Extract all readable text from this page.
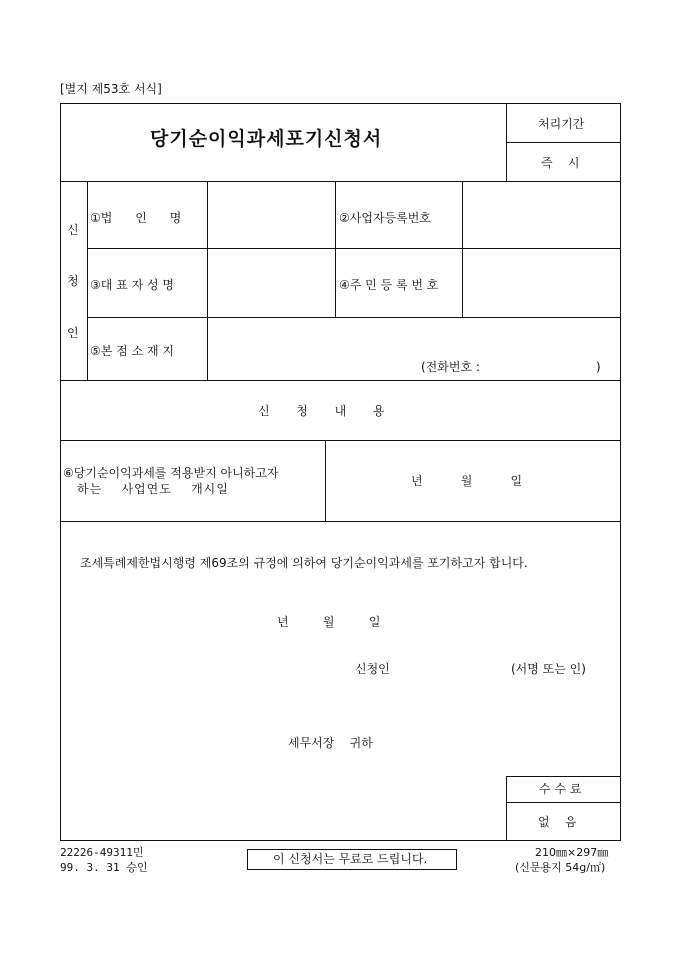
[별지 제53호 서식]
당기순이익과세포기신청서
처리기간
즉    시
신
청
인
①법      인      명	②사업자등록번호
③대 표 자 성 명	④주 민 등 록 번 호
⑤본 점 소 재 지
(전화번호 :	)
신       청       내       용
⑥당기순이익과세를 적용받지 아니하고자
하는    사업연도    개시일
년          월          일
조세특례제한법시행령 제69조의 규정에 의하여 당기순이익과세를 포기하고자 합니다.
년         월         일
신청인	(서명 또는 인)
세무서장    귀하
수 수 료
없    음
22226-49311민
99. 3. 31 승인
이 신청서는 무료로 드립니다.	210㎜×297㎜
(신문용지 54g/㎡)
